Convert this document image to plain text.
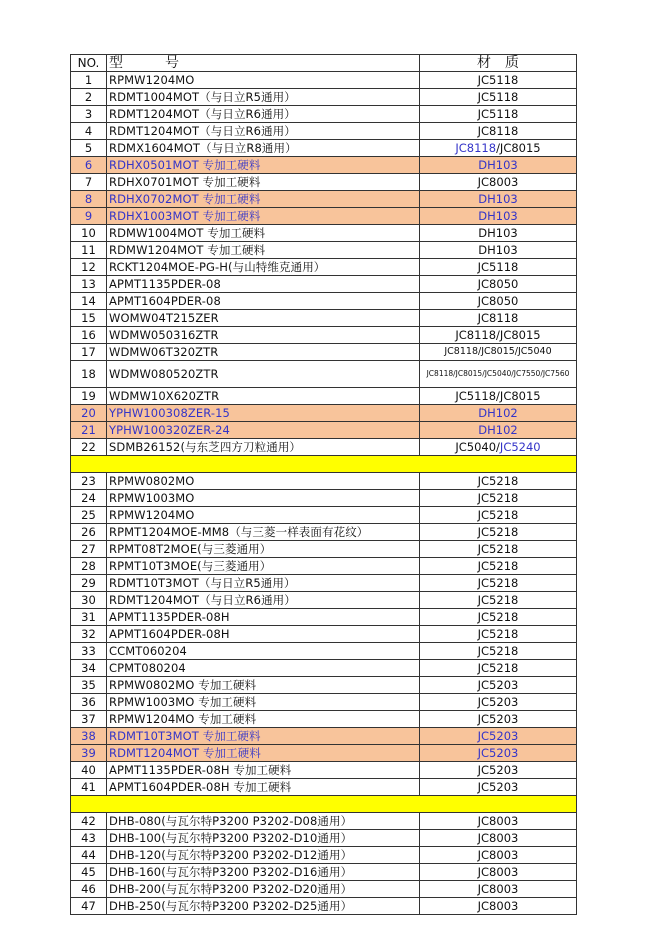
NO.	型　　　号	材　质
1	RPMW1204MO	JC5118
2	RDMT1004MOT（与日立R5通用）	JC5118
3	RDMT1204MOT（与日立R6通用）	JC5118
4	RDMT1204MOT（与日立R6通用）	JC8118
5	RDMX1604MOT（与日立R8通用）	JC8118/JC8015
6	RDHX0501MOT 专加工硬料	DH103
7	RDHX0701MOT 专加工硬料	JC8003
8	RDHX0702MOT 专加工硬料	DH103
9	RDHX1003MOT 专加工硬料	DH103
10	RDMW1004MOT 专加工硬料	DH103
11	RDMW1204MOT 专加工硬料	DH103
12	RCKT1204MOE-PG-H(与山特维克通用）	JC5118
13	APMT1135PDER-08	JC8050
14	APMT1604PDER-08	JC8050
15	WOMW04T215ZER	JC8118
16	WDMW050316ZTR	JC8118/JC8015
17	WDMW06T320ZTR	JC8118/JC8015/JC5040
18	WDMW080520ZTR	JC8118/JC8015/JC5040/JC7550/JC7560
19	WDMW10X620ZTR	JC5118/JC8015
20	YPHW100308ZER-15	DH102
21	YPHW100320ZER-24	DH102
22	SDMB26152(与东芝四方刀粒通用）	JC5040/JC5240

23	RPMW0802MO	JC5218
24	RPMW1003MO	JC5218
25	RPMW1204MO	JC5218
26	RPMT1204MOE-MM8（与三菱一样表面有花纹）	JC5218
27	RPMT08T2MOE(与三菱通用）	JC5218
28	RPMT10T3MOE(与三菱通用）	JC5218
29	RDMT10T3MOT（与日立R5通用）	JC5218
30	RDMT1204MOT（与日立R6通用）	JC5218
31	APMT1135PDER-08H	JC5218
32	APMT1604PDER-08H	JC5218
33	CCMT060204	JC5218
34	CPMT080204	JC5218
35	RPMW0802MO 专加工硬料	JC5203
36	RPMW1003MO 专加工硬料	JC5203
37	RPMW1204MO 专加工硬料	JC5203
38	RDMT10T3MOT 专加工硬料	JC5203
39	RDMT1204MOT 专加工硬料	JC5203
40	APMT1135PDER-08H 专加工硬料	JC5203
41	APMT1604PDER-08H 专加工硬料	JC5203

42	DHB-080(与瓦尔特P3200 P3202-D08通用）	JC8003
43	DHB-100(与瓦尔特P3200 P3202-D10通用）	JC8003
44	DHB-120(与瓦尔特P3200 P3202-D12通用）	JC8003
45	DHB-160(与瓦尔特P3200 P3202-D16通用）	JC8003
46	DHB-200(与瓦尔特P3200 P3202-D20通用）	JC8003
47	DHB-250(与瓦尔特P3200 P3202-D25通用）	JC8003
